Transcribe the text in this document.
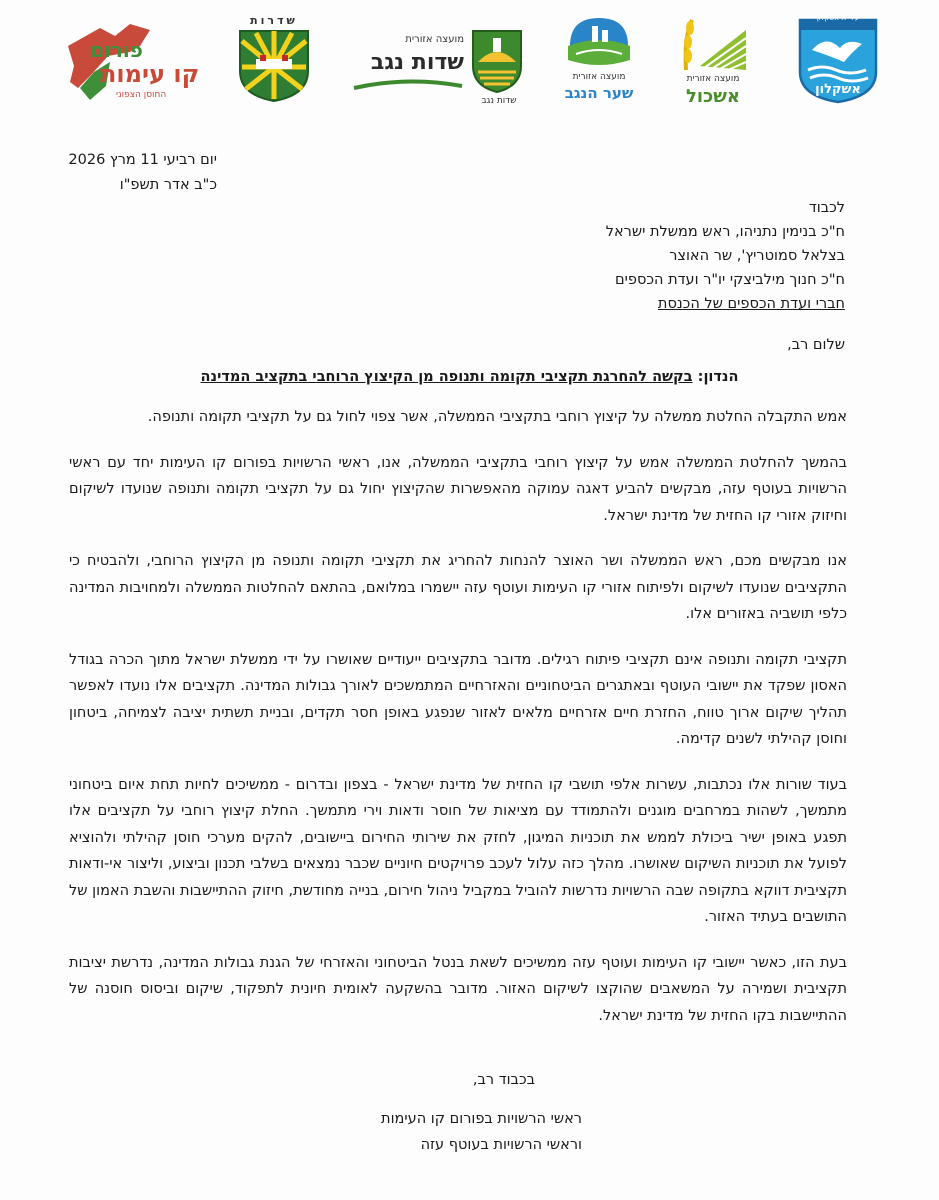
פורום
קו עימות
החוסן הצפוני
שדרות
מועצה אזורית
שדות נגב
שדות נגב
מועצה אזורית
שער הנגב
מועצה אזורית
אשכול
עיריית אשקלון
אשקלון
יום רביעי 11 מרץ 2026
כ"ב אדר תשפ"ו
לכבוד
ח"כ בנימין נתניהו, ראש ממשלת ישראל
בצלאל סמוטריץ', שר האוצר
ח"כ חנוך מילביצקי יו"ר ועדת הכספים
חברי ועדת הכספים של הכנסת
שלום רב,
הנדון: בקשה להחרגת תקציבי תקומה ותנופה מן הקיצוץ הרוחבי בתקציב המדינה

אמש התקבלה החלטת ממשלה על קיצוץ רוחבי בתקציבי הממשלה, אשר צפוי לחול גם על תקציבי תקומה ותנופה.

בהמשך להחלטת הממשלה אמש על קיצוץ רוחבי בתקציבי הממשלה, אנו, ראשי הרשויות בפורום קו העימות יחד עם ראשי הרשויות בעוטף עזה, מבקשים להביע דאגה עמוקה מהאפשרות שהקיצוץ יחול גם על תקציבי תקומה ותנופה שנועדו לשיקום וחיזוק אזורי קו החזית של מדינת ישראל.

אנו מבקשים מכם, ראש הממשלה ושר האוצר להנחות להחריג את תקציבי תקומה ותנופה מן הקיצוץ הרוחבי, ולהבטיח כי התקציבים שנועדו לשיקום ולפיתוח אזורי קו העימות ועוטף עזה יישמרו במלואם, בהתאם להחלטות הממשלה ולמחויבות המדינה כלפי תושביה באזורים אלו.

תקציבי תקומה ותנופה אינם תקציבי פיתוח רגילים. מדובר בתקציבים ייעודיים שאושרו על ידי ממשלת ישראל מתוך הכרה בגודל האסון שפקד את יישובי העוטף ובאתגרים הביטחוניים והאזרחיים המתמשכים לאורך גבולות המדינה. תקציבים אלו נועדו לאפשר תהליך שיקום ארוך טווח, החזרת חיים אזרחיים מלאים לאזור שנפגע באופן חסר תקדים, ובניית תשתית יציבה לצמיחה, ביטחון וחוסן קהילתי לשנים קדימה.

בעוד שורות אלו נכתבות, עשרות אלפי תושבי קו החזית של מדינת ישראל - בצפון ובדרום - ממשיכים לחיות תחת איום ביטחוני מתמשך, לשהות במרחבים מוגנים ולהתמודד עם מציאות של חוסר ודאות וירי מתמשך. החלת קיצוץ רוחבי על תקציבים אלו תפגע באופן ישיר ביכולת לממש את תוכניות המיגון, לחזק את שירותי החירום ביישובים, להקים מערכי חוסן קהילתי ולהוציא לפועל את תוכניות השיקום שאושרו. מהלך כזה עלול לעכב פרויקטים חיוניים שכבר נמצאים בשלבי תכנון וביצוע, וליצור אי-ודאות תקציבית דווקא בתקופה שבה הרשויות נדרשות להוביל במקביל ניהול חירום, בנייה מחודשת, חיזוק ההתיישבות והשבת האמון של התושבים בעתיד האזור.

בעת הזו, כאשר יישובי קו העימות ועוטף עזה ממשיכים לשאת בנטל הביטחוני והאזרחי של הגנת גבולות המדינה, נדרשת יציבות תקציבית ושמירה על המשאבים שהוקצו לשיקום האזור. מדובר בהשקעה לאומית חיונית לתפקוד, שיקום וביסוס חוסנה של ההתיישבות בקו החזית של מדינת ישראל.

בכבוד רב,
ראשי הרשויות בפורום קו העימות
וראשי הרשויות בעוטף עזה
